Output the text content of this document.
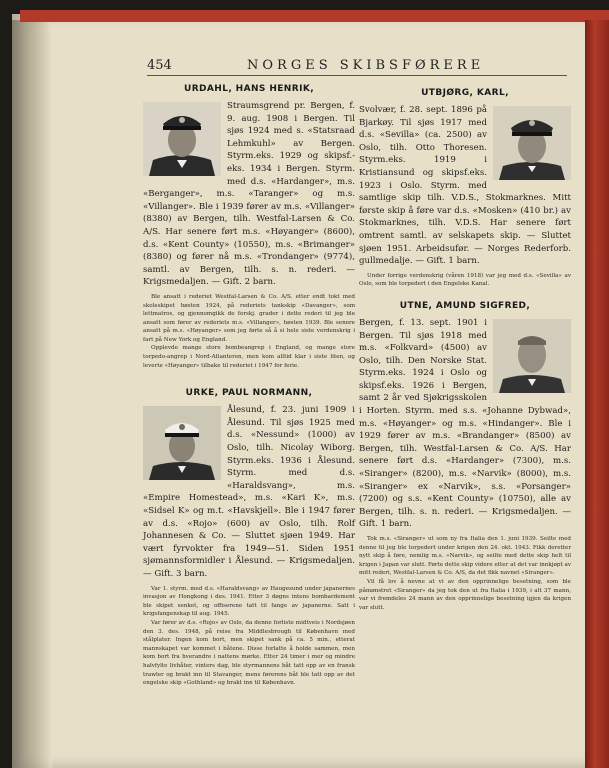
454	NORGES SKIBSFØRERE
URDAHL, HANS HENRIK,

Straumsgrend pr. Bergen, f. 9. aug. 1908 i Bergen. Til sjøs 1924 med s. «Statsraad Lehmkuhl» av Bergen. Styrm.eks. 1929 og skipsf.-eks. 1934 i Bergen. Styrm. med d.s. «Hardanger», m.s. «Berganger», m.s. «Taranger» og m.s. «Villanger». Ble i 1939 fører av m.s. «Villanger» (8380) av Bergen, tilh. Westfal-Larsen & Co. A/S. Har senere ført m.s. «Høyanger» (8600), d.s. «Kent County» (10550), m.s. «Brimanger» (8380) og fører nå m.s. «Trondanger» (9774), samtl. av Bergen, tilh. s. n. rederi. — Krigsmedaljen. — Gift. 2 barn.

Ble ansatt i rederiet Westfal-Larsen & Co. A/S. etter endt tokt med skoleskipet høsten 1924, på rederiets tankskip «Davanger», som lettmatros, og gjennomgikk de forskj. grader i dette rederi til jeg ble ansatt som fører av rederiets m.s. «Villanger», høsten 1939. Ble senere ansatt på m.s. «Høyanger» som jeg førte så å si hele siste verdenskrig i fart på New York og England.

Opplevde mange store bombeangrep i England, og mange store torpedo-angrep i Nord-Atlanteren, men kom alltid klar i siste liten, og leverte «Høyanger» tilbake til rederiet i 1947 for ferie.

URKE, PAUL NORMANN,

Ålesund, f. 23. juni 1909 i Ålesund. Til sjøs 1925 med d.s. «Nessund» (1000) av Oslo, tilh. Nicolay Wiborg. Styrm.eks. 1936 i Ålesund. Styrm. med d.s. «Haraldsvang», m.s. «Empire Homestead», m.s. «Kari K», m.s. «Sidsel K» og m.t. «Havskjell». Ble i 1947 fører av d.s. «Rojo» (600) av Oslo, tilh. Rolf Johannesen & Co. — Sluttet sjøen 1949. Har vært fyrvokter fra 1949—51. Siden 1951 sjømannsformidler i Ålesund. — Krigsmedaljen. — Gift. 3 barn.

Var 1. styrm. med d.s. «Haraldsvang» av Haugesund under japanernes invasjon av Hongkong i des. 1941. Etter 3 døgns intens bombardement ble skipet senket, og offiserene tatt til fange av japanerne. Satt i krigsfangenskap til aug. 1945.

Var fører av d.s. «Rojo» av Oslo, da denne forliste midtveis i Nordsjøen den 3. des. 1948, på reise fra Middlesbrough til København med stålplater. Ingen kom bort, men skipet sank på ca. 5 min., etterat mannskapet var kommet i båtene. Disse forlatte å holde sammen, men kom bort fra hverandre i nattens mørke. Etter 24 timer i mer og mindre halvfylte livbåter, vinters dag, ble styrmannens båt tatt opp av en fransk trawler og brakt inn til Stavanger, mens førerens båt ble tatt opp av det engelske skip «Gothland» og brakt inn til København.

UTBJØRG, KARL,

Svolvær, f. 28. sept. 1896 på Bjarkøy. Til sjøs 1917 med d.s. «Sevilla» (ca. 2500) av Oslo, tilh. Otto Thoresen. Styrm.eks. 1919 i Kristiansund og skipsf.eks. 1923 i Oslo. Styrm. med samtlige skip tilh. V.D.S., Stokmarknes. Mitt første skip å føre var d.s. «Mosken» (410 br.) av Stokmarknes, tilh. V.D.S. Har senere ført omtrent samtl. av selskapets skip. — Sluttet sjøen 1951. Arbeidsufør. — Norges Rederforb. gullmedalje. — Gift. 1 barn.

Under forrige verdenskrig (våren 1918) var jeg med d.s. «Sevilla» av Oslo, som ble torpedert i den Engelske Kanal.

UTNE, AMUND SIGFRED,

Bergen, f. 13. sept. 1901 i Bergen. Til sjøs 1918 med m.s. «Folkvard» (4500) av Oslo, tilh. Den Norske Stat. Styrm.eks. 1924 i Oslo og skipsf.eks. 1926 i Bergen, samt 2 år ved Sjøkrigsskolen i Horten. Styrm. med s.s. «Johanne Dybwad», m.s. «Høyanger» og m.s. «Hindanger». Ble i 1929 fører av m.s. «Brandanger» (8500) av Bergen, tilh. Westfal-Larsen & Co. A/S. Har senere ført d.s. «Hardanger» (7300), m.s. «Siranger» (8200), m.s. «Narvik» (8000), m.s. «Siranger» ex «Narvik», s.s. «Porsanger» (7200) og s.s. «Kent County» (10750), alle av Bergen, tilh. s. n. rederi. — Krigsmedaljen. — Gift. 1 barn.

Tok m.s. «Siranger» ut som ny fra Italia den 1. juni 1939. Seilte med denne til jeg ble torpedert under krigen den 24. okt. 1943. Fikk deretter nytt skip å føre, nemlig m.s. «Narvik», og seilte med dette skip helt til krigen i Japan var slutt. Førte dette skip videre etter at det var innkjøpt av mitt rederi, Westfal-Larsen & Co. A/S, da det fikk navnet «Siranger».

Vil få lov å nevne at vi av den opprinnelige besetning, som ble påmønstret «Siranger» da jeg tok den ut fra Italia i 1939, i alt 37 mann, var vi fremdeles 24 mann av den opprinnelige besetning igjen da krigen var slutt.
